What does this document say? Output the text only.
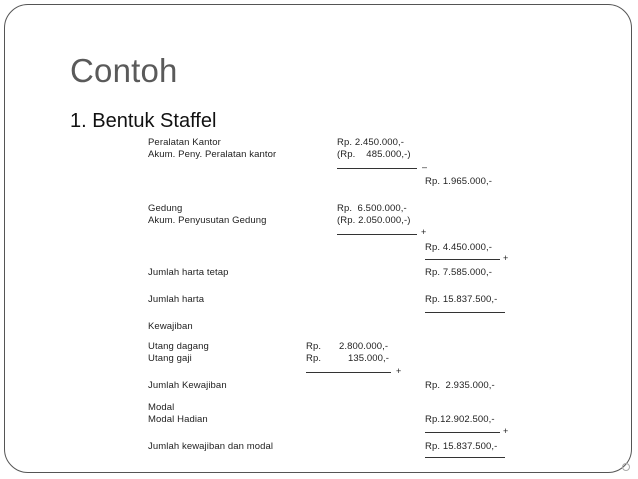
Contoh
1. Bentuk Staffel
Peralatan Kantor	Rp. 2.450.000,-
Akum. Peny. Peralatan kantor	(Rp.    485.000,-)
–
Rp. 1.965.000,-
Gedung	Rp.  6.500.000,-
Akum. Penyusutan Gedung	(Rp. 2.050.000,-)
+
Rp. 4.450.000,-
+
Jumlah harta tetap	Rp. 7.585.000,-
Jumlah harta	Rp. 15.837.500,-
Kewajiban
Utang dagang	Rp. 2.800.000,-
Utang gaji	Rp.	135.000,-
+
Jumlah Kewajiban	Rp.  2.935.000,-
Modal
Modal Hadian	Rp.12.902.500,-
+
Jumlah kewajiban dan modal	Rp. 15.837.500,-
